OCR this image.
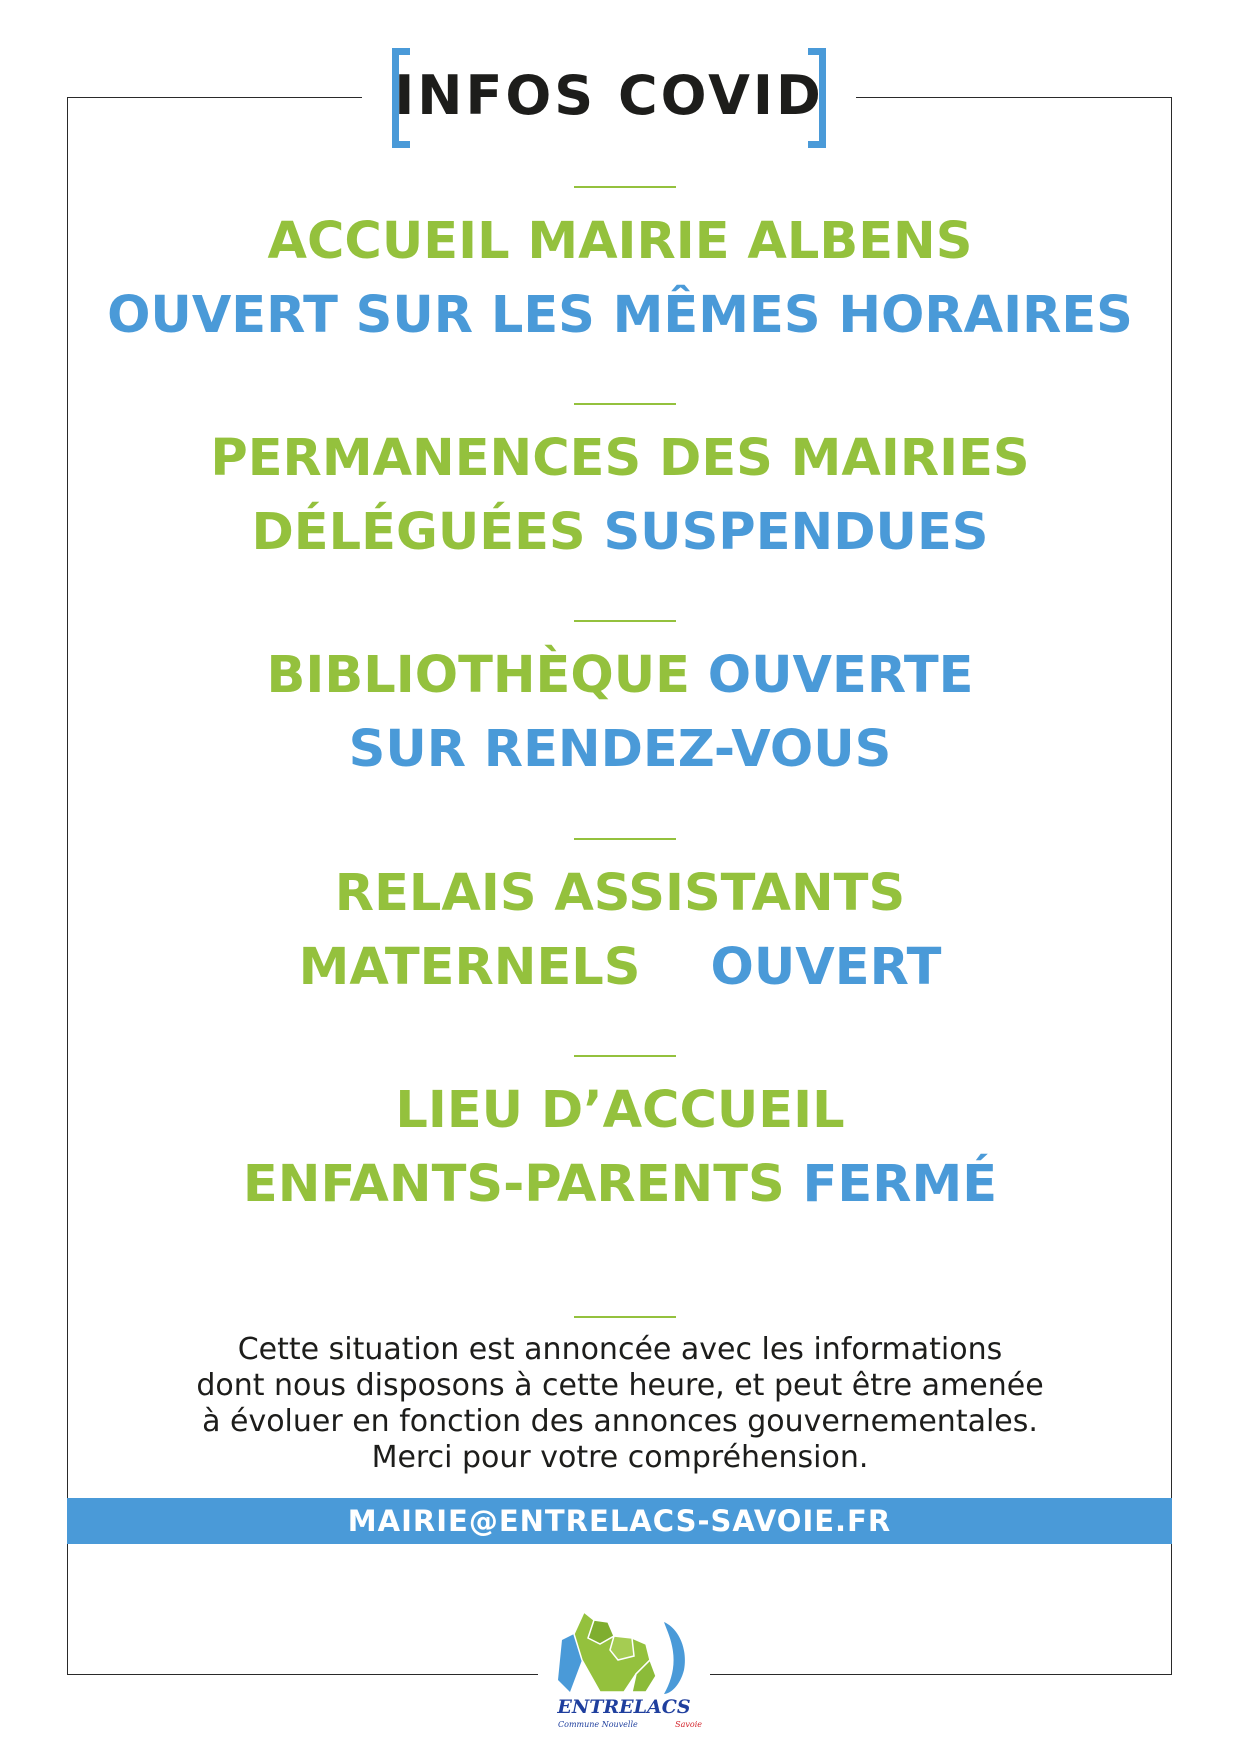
INFOS COVID
ACCUEIL MAIRIE ALBENS
OUVERT SUR LES MÊMES HORAIRES
PERMANENCES DES MAIRIES
DÉLÉGUÉES SUSPENDUES
BIBLIOTHÈQUE OUVERTE
SUR RENDEZ-VOUS
RELAIS ASSISTANTS
MATERNELS OUVERT
LIEU D’ACCUEIL
ENFANTS-PARENTS FERMÉ
Cette situation est annoncée avec les informations
dont nous disposons à cette heure, et peut être amenée
à évoluer en fonction des annonces gouvernementales.
Merci pour votre compréhension.
MAIRIE@ENTRELACS-SAVOIE.FR
ENTRELACS
Commune Nouvelle	Savoie
